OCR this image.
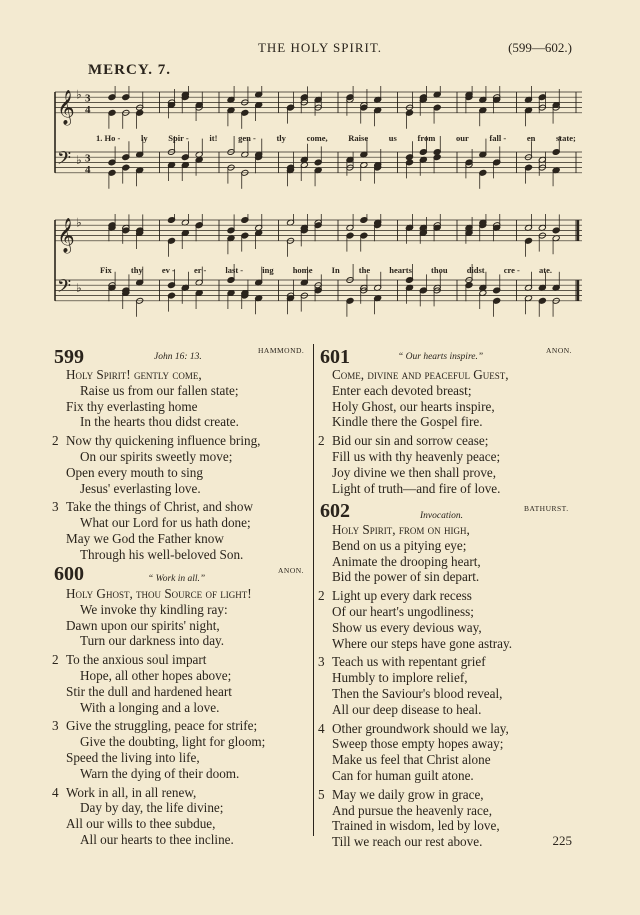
THE HOLY SPIRIT.	(599—602.)
MERCY. 7.
𝄞
𝄢
♭
♭
3
4
3
4
1. Ho - ly Spir - it! gen - tly come, Raise us from our fall - en state;
𝄞
𝄢
♭
♭
Fix thy ev - er - last - ing home In the hearts thou didst cre - ate.
599	John 16: 13.
HAMMOND.
Holy Spirit! gently come,
Raise us from our fallen state;
Fix thy everlasting home
In the hearts thou didst create.
2 Now thy quickening influence bring,
On our spirits sweetly move;
Open every mouth to sing
Jesus' everlasting love.
3 Take the things of Christ, and show
What our Lord for us hath done;
May we God the Father know
Through his well-beloved Son.
600	“ Work in all.”
ANON.
Holy Ghost, thou Source of light!
We invoke thy kindling ray:
Dawn upon our spirits' night,
Turn our darkness into day.
2 To the anxious soul impart
Hope, all other hopes above;
Stir the dull and hardened heart
With a longing and a love.
3 Give the struggling, peace for strife;
Give the doubting, light for gloom;
Speed the living into life,
Warn the dying of their doom.
4 Work in all, in all renew,
Day by day, the life divine;
All our wills to thee subdue,
All our hearts to thee incline.
601	“ Our hearts inspire.”
ANON.
Come, divine and peaceful Guest,
Enter each devoted breast;
Holy Ghost, our hearts inspire,
Kindle there the Gospel fire.
2 Bid our sin and sorrow cease;
Fill us with thy heavenly peace;
Joy divine we then shall prove,
Light of truth—and fire of love.
602	Invocation.
BATHURST.
Holy Spirit, from on high,
Bend on us a pitying eye;
Animate the drooping heart,
Bid the power of sin depart.
2 Light up every dark recess
Of our heart's ungodliness;
Show us every devious way,
Where our steps have gone astray.
3 Teach us with repentant grief
Humbly to implore relief,
Then the Saviour's blood reveal,
All our deep disease to heal.
4 Other groundwork should we lay,
Sweep those empty hopes away;
Make us feel that Christ alone
Can for human guilt atone.
5 May we daily grow in grace,
And pursue the heavenly race,
Trained in wisdom, led by love,
Till we reach our rest above.	225
